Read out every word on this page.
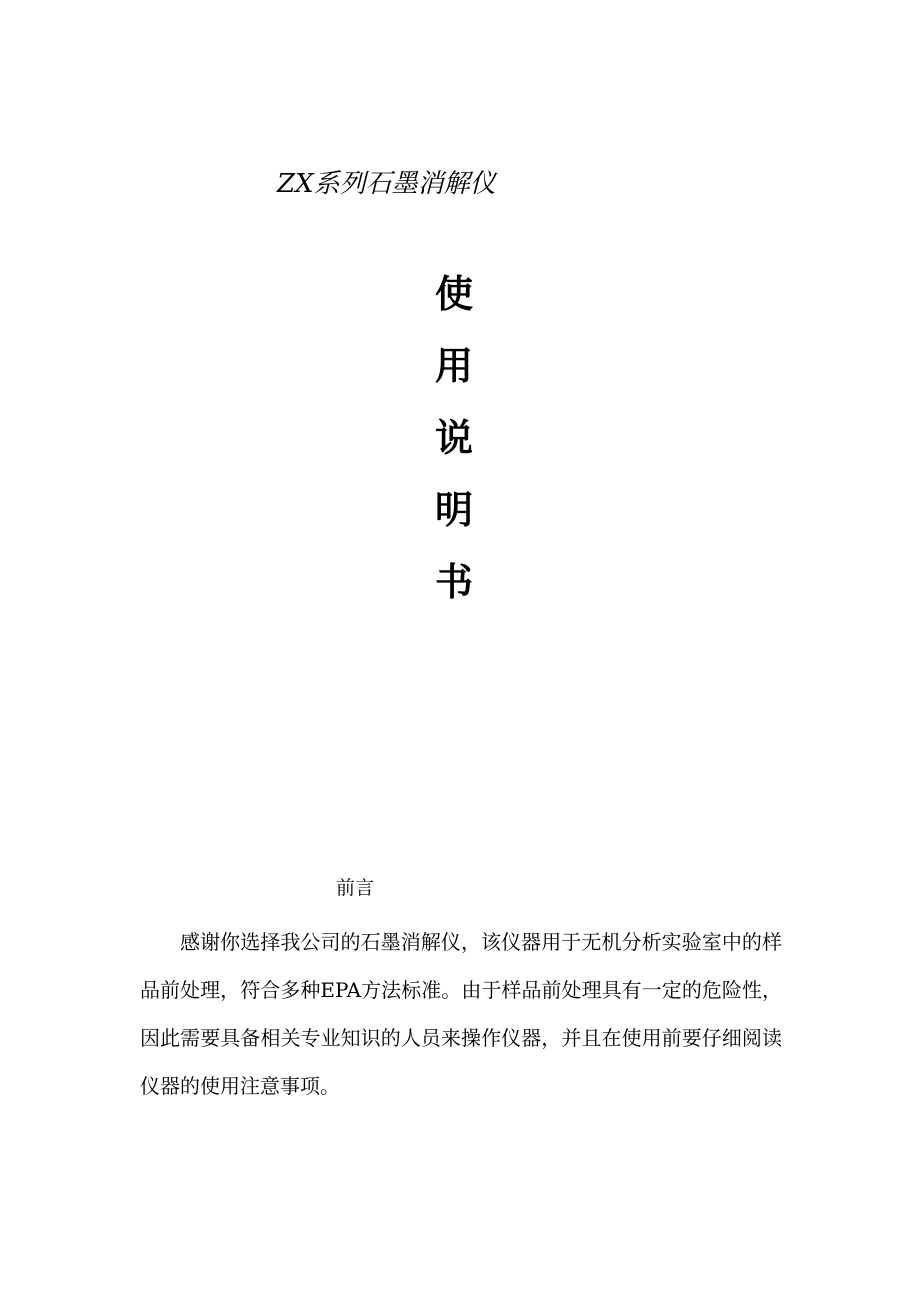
ZX系列石墨消解仪
使
用
说
明
书
前言

感谢你选择我公司的石墨消解仪，该仪器用于无机分析实验室中的样品前处理，符合多种EPA方法标准。由于样品前处理具有一定的危险性，因此需要具备相关专业知识的人员来操作仪器，并且在使用前要仔细阅读仪器的使用注意事项。
